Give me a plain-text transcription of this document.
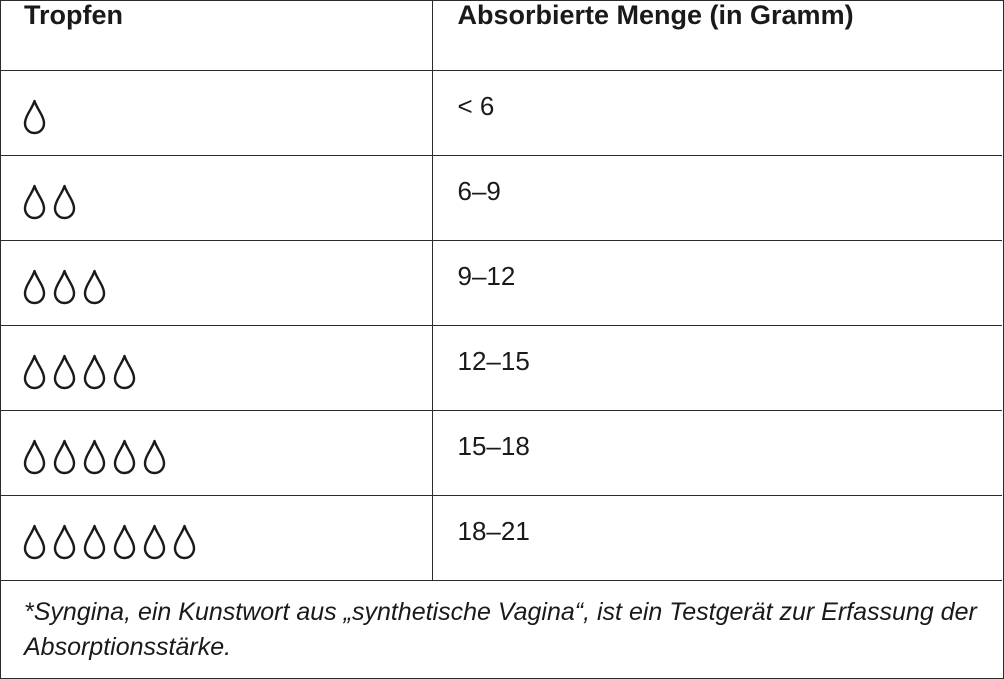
Tropfen	Absorbierte Menge (in Gramm)

	< 6

	6–9

	9–12

	12–15

	15–18

	18–21
*Syngina, ein Kunstwort aus „synthetische Vagina“, ist ein Testgerät zur Erfassung der Absorptionsstärke.
